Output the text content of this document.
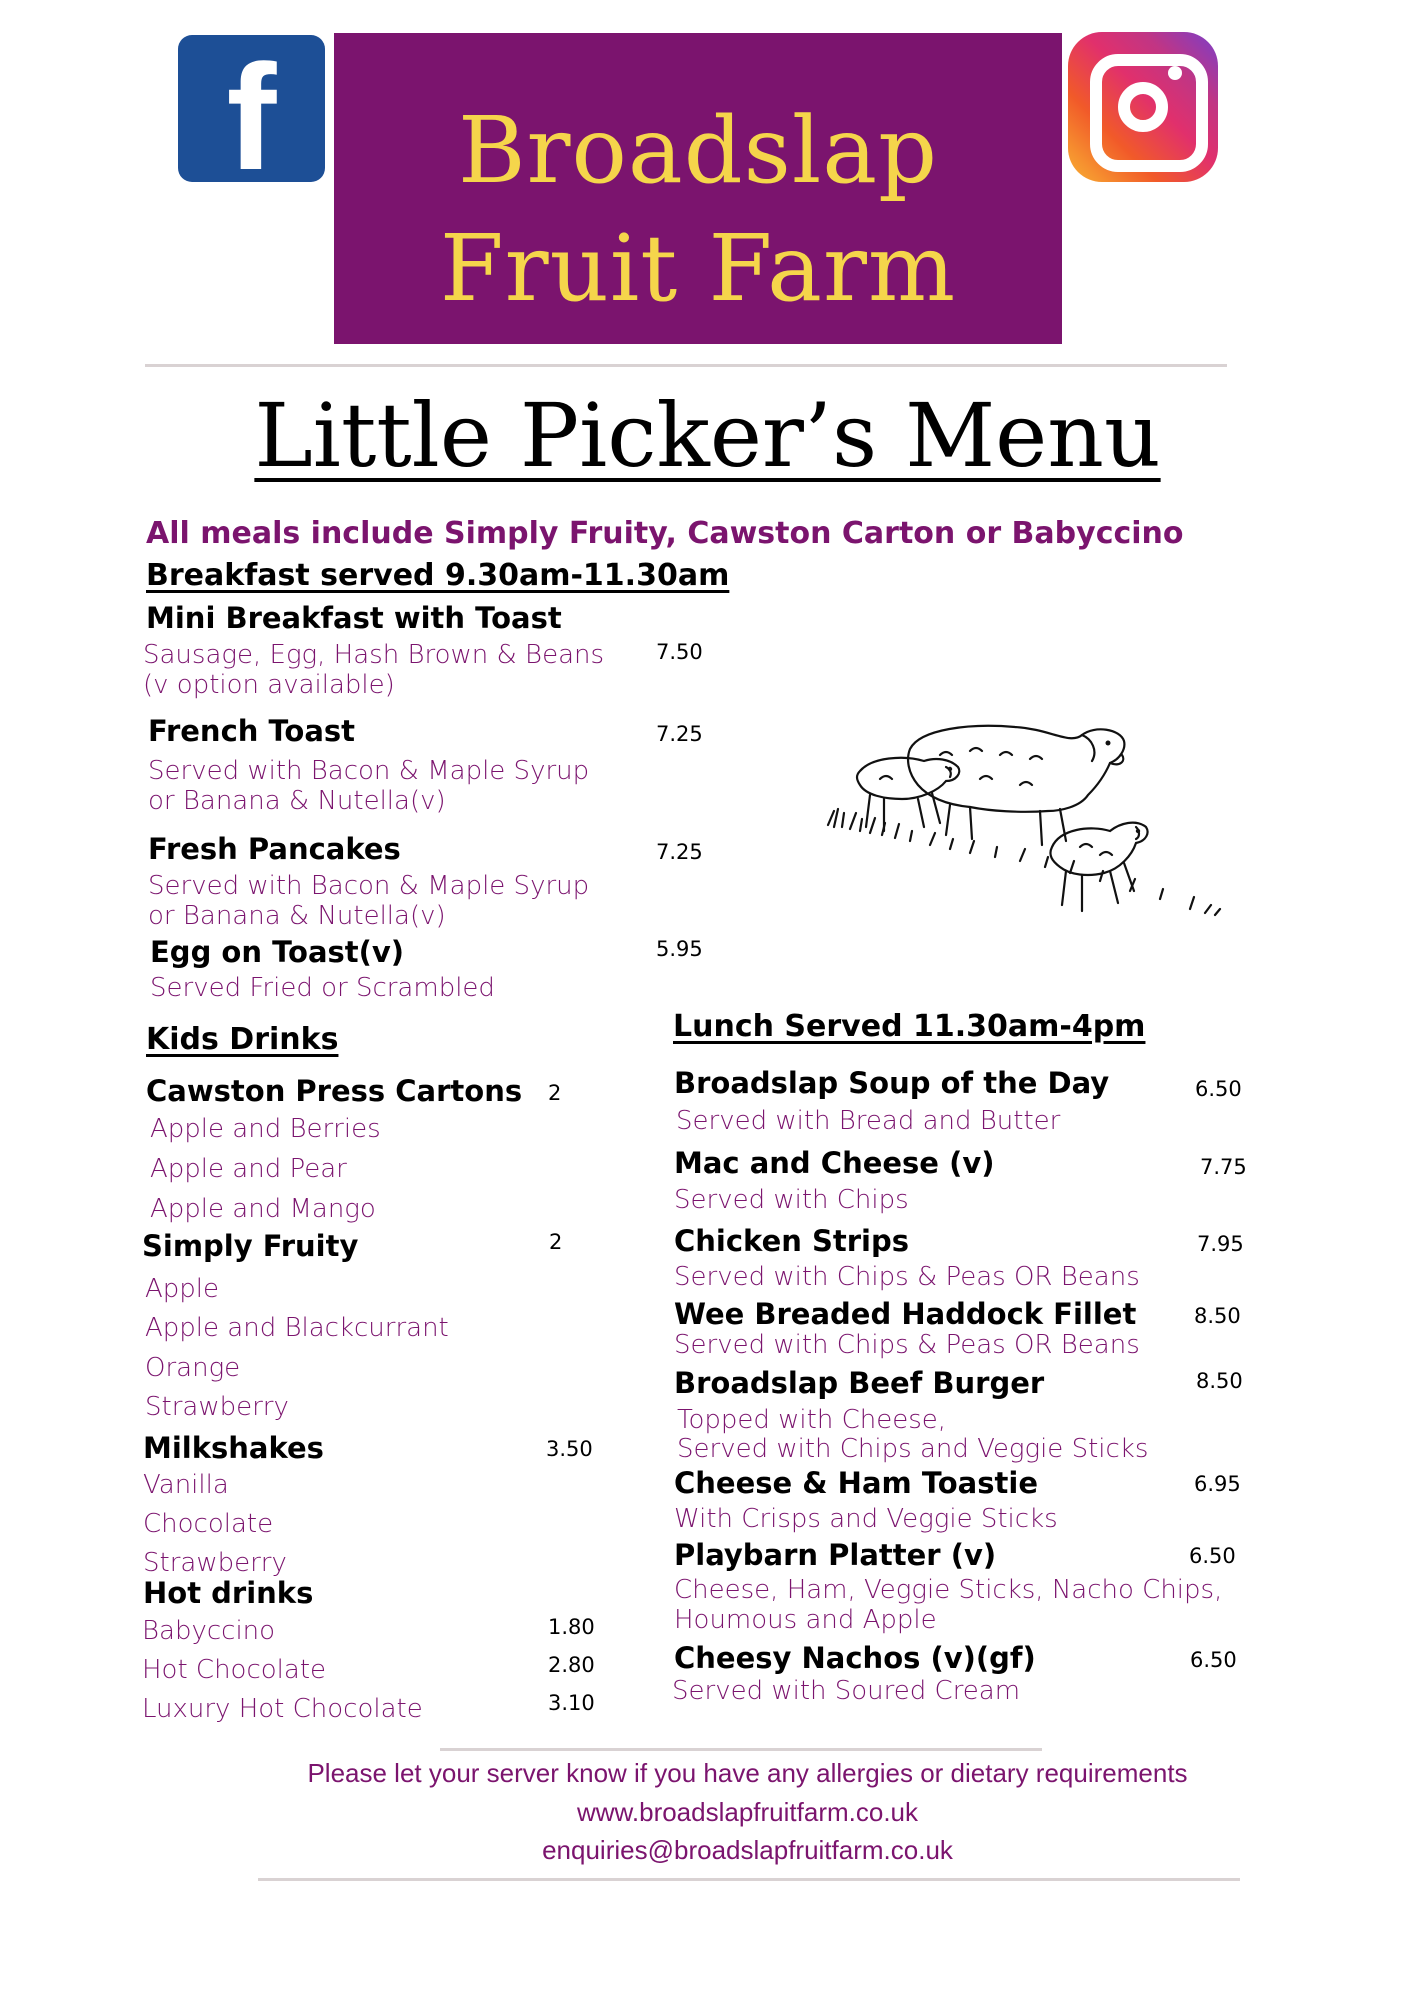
f	Broadslap
Fruit Farm
Little Picker’s Menu
All meals include Simply Fruity, Cawston Carton or Babyccino
Breakfast served 9.30am-11.30am
Mini Breakfast with Toast
Sausage, Egg, Hash Brown & Beans
(v option available)
7.50
French Toast
Served with Bacon & Maple Syrup
or Banana & Nutella(v)
7.25
Fresh Pancakes
Served with Bacon & Maple Syrup
or Banana & Nutella(v)
7.25
Egg on Toast(v)
Served Fried or Scrambled
5.95
Kids Drinks
Cawston Press Cartons 2
Apple and Berries
Apple and Pear
Apple and Mango
Simply Fruity	2
Apple
Apple and Blackcurrant
Orange
Strawberry
Milkshakes	3.50
Vanilla
Chocolate
Strawberry
Hot drinks
Babyccino	1.80
Hot Chocolate	2.80
Luxury Hot Chocolate	3.10
Lunch Served 11.30am-4pm
Broadslap Soup of the Day	6.50
Served with Bread and Butter
Mac and Cheese (v)	7.75
Served with Chips
Chicken Strips	7.95
Served with Chips & Peas OR Beans
Wee Breaded Haddock Fillet	8.50
Served with Chips & Peas OR Beans
Broadslap Beef Burger	8.50
Topped with Cheese,
Served with Chips and Veggie Sticks
Cheese & Ham Toastie	6.95
With Crisps and Veggie Sticks
Playbarn Platter (v)	6.50
Cheese, Ham, Veggie Sticks, Nacho Chips,
Houmous and Apple
Cheesy Nachos (v)(gf)	6.50
Served with Soured Cream
Please let your server know if you have any allergies or dietary requirements
www.broadslapfruitfarm.co.uk
enquiries@broadslapfruitfarm.co.uk
